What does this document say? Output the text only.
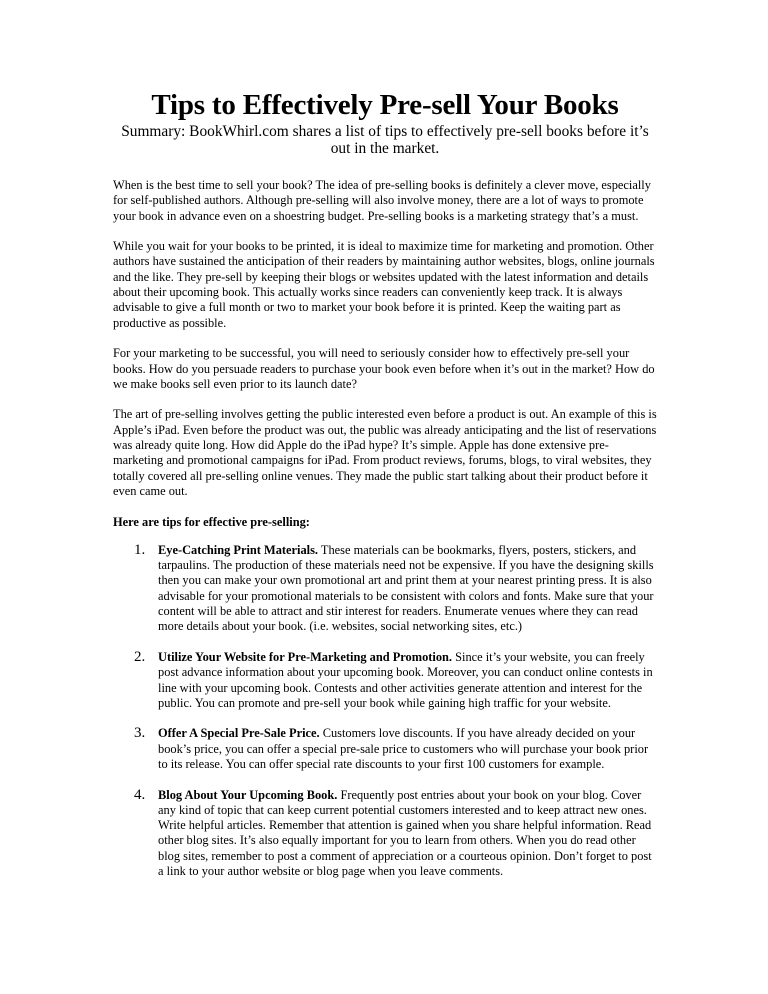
Tips to Effectively Pre-sell Your Books

Summary: BookWhirl.com shares a list of tips to effectively pre-sell books before it’s out in the market.

When is the best time to sell your book? The idea of pre-selling books is definitely a clever move, especially for self-published authors. Although pre-selling will also involve money, there are a lot of ways to promote your book in advance even on a shoestring budget. Pre-selling books is a marketing strategy that’s a must.

While you wait for your books to be printed, it is ideal to maximize time for marketing and promotion. Other authors have sustained the anticipation of their readers by maintaining author websites, blogs, online journals and the like. They pre-sell by keeping their blogs or websites updated with the latest information and details about their upcoming book. This actually works since readers can conveniently keep track. It is always advisable to give a full month or two to market your book before it is printed. Keep the waiting part as productive as possible.

For your marketing to be successful, you will need to seriously consider how to effectively pre-sell your books. How do you persuade readers to purchase your book even before when it’s out in the market? How do we make books sell even prior to its launch date?

The art of pre-selling involves getting the public interested even before a product is out. An example of this is Apple’s iPad. Even before the product was out, the public was already anticipating and the list of reservations was already quite long. How did Apple do the iPad hype? It’s simple. Apple has done extensive pre-marketing and promotional campaigns for iPad. From product reviews, forums, blogs, to viral websites, they totally covered all pre-selling online venues. They made the public start talking about their product before it even came out.

Here are tips for effective pre-selling:

1. Eye-Catching Print Materials. These materials can be bookmarks, flyers, posters, stickers, and tarpaulins. The production of these materials need not be expensive. If you have the designing skills then you can make your own promotional art and print them at your nearest printing press. It is also advisable for your promotional materials to be consistent with colors and fonts. Make sure that your content will be able to attract and stir interest for readers. Enumerate venues where they can read more details about your book. (i.e. websites, social networking sites, etc.)
2. Utilize Your Website for Pre-Marketing and Promotion. Since it’s your website, you can freely post advance information about your upcoming book. Moreover, you can conduct online contests in line with your upcoming book. Contests and other activities generate attention and interest for the public. You can promote and pre-sell your book while gaining high traffic for your website.
3. Offer A Special Pre-Sale Price. Customers love discounts. If you have already decided on your book’s price, you can offer a special pre-sale price to customers who will purchase your book prior to its release. You can offer special rate discounts to your first 100 customers for example.
4. Blog About Your Upcoming Book. Frequently post entries about your book on your blog. Cover any kind of topic that can keep current potential customers interested and to keep attract new ones. Write helpful articles. Remember that attention is gained when you share helpful information. Read other blog sites. It’s also equally important for you to learn from others. When you do read other blog sites, remember to post a comment of appreciation or a courteous opinion. Don’t forget to post a link to your author website or blog page when you leave comments.
